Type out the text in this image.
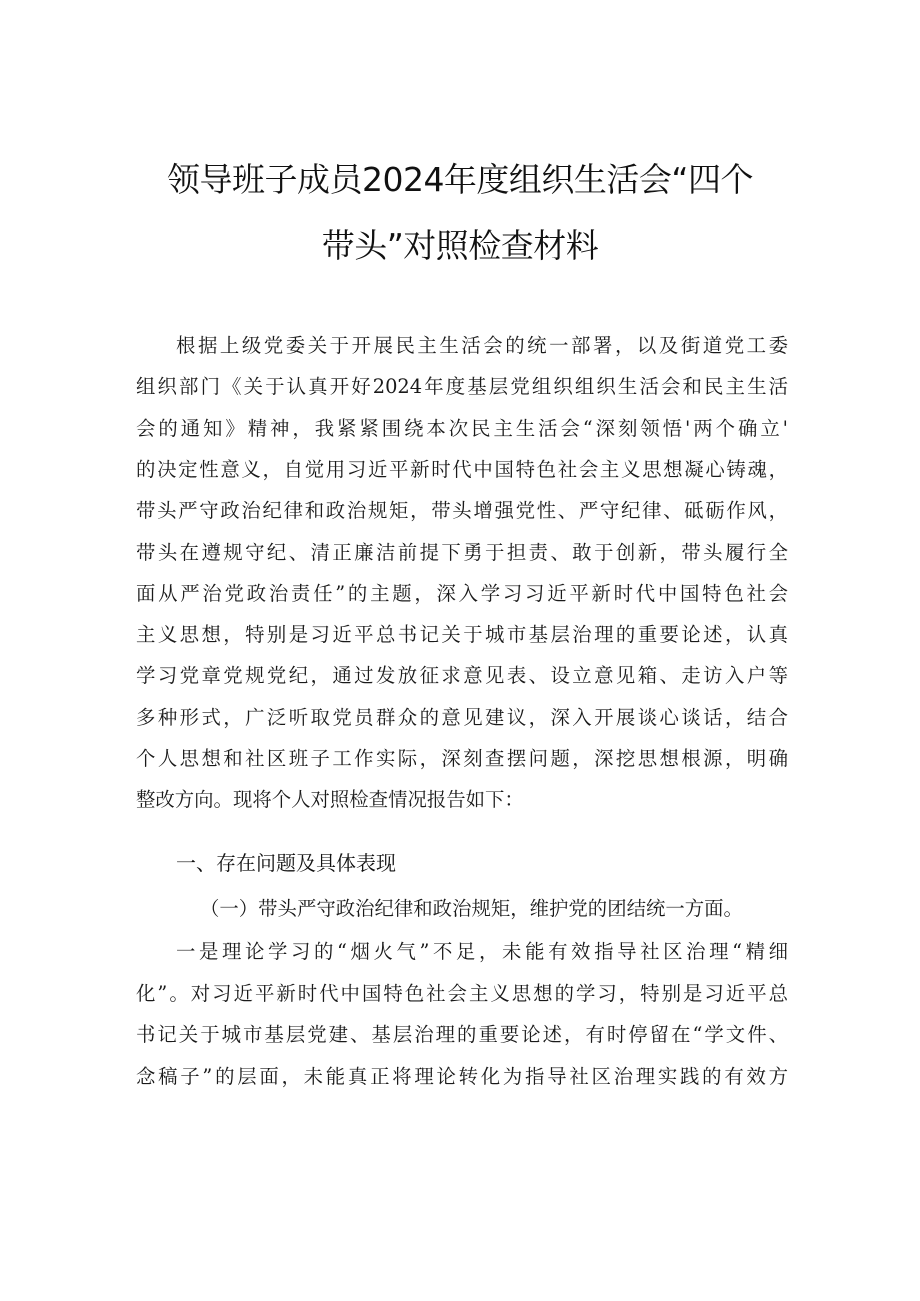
领导班子成员2024年度组织生活会“四个
带头”对照检查材料
根据上级党委关于开展民主生活会的统一部署，以及街道党工委
组织部门《关于认真开好2024年度基层党组织组织生活会和民主生活
会的通知》精神，我紧紧围绕本次民主生活会“深刻领悟'两个确立'
的决定性意义，自觉用习近平新时代中国特色社会主义思想凝心铸魂，
带头严守政治纪律和政治规矩，带头增强党性、严守纪律、砥砺作风，
带头在遵规守纪、清正廉洁前提下勇于担责、敢于创新，带头履行全
面从严治党政治责任”的主题，深入学习习近平新时代中国特色社会
主义思想，特别是习近平总书记关于城市基层治理的重要论述，认真
学习党章党规党纪，通过发放征求意见表、设立意见箱、走访入户等
多种形式，广泛听取党员群众的意见建议，深入开展谈心谈话，结合
个人思想和社区班子工作实际，深刻查摆问题，深挖思想根源，明确
整改方向。现将个人对照检查情况报告如下：
一、存在问题及具体表现
（一）带头严守政治纪律和政治规矩，维护党的团结统一方面。
一是理论学习的“烟火气”不足，未能有效指导社区治理“精细
化”。对习近平新时代中国特色社会主义思想的学习，特别是习近平总
书记关于城市基层党建、基层治理的重要论述，有时停留在“学文件、
念稿子”的层面，未能真正将理论转化为指导社区治理实践的有效方
